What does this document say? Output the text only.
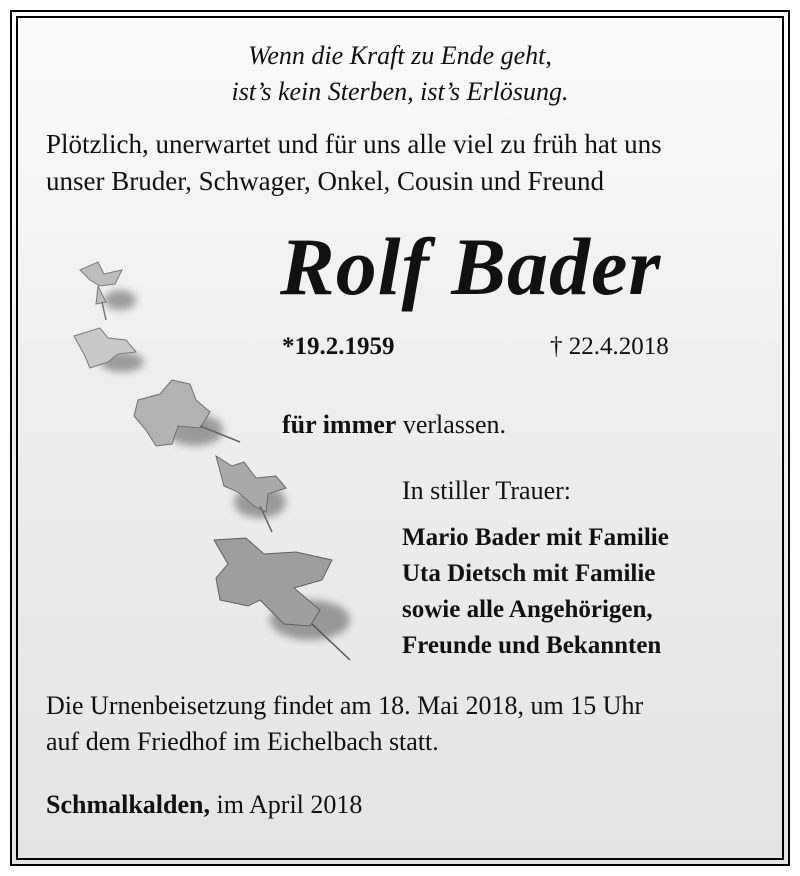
Wenn die Kraft zu Ende geht,
ist’s kein Sterben, ist’s Erlösung.
Plötzlich, unerwartet und für uns alle viel zu früh hat uns
unser Bruder, Schwager, Onkel, Cousin und Freund
Rolf Bader
*19.2.1959	† 22.4.2018
für immer verlassen.
In stiller Trauer:
Mario Bader mit Familie
Uta Dietsch mit Familie
sowie alle Angehörigen,
Freunde und Bekannten
Die Urnenbeisetzung findet am 18. Mai 2018, um 15 Uhr
auf dem Friedhof im Eichelbach statt.
Schmalkalden, im April 2018
